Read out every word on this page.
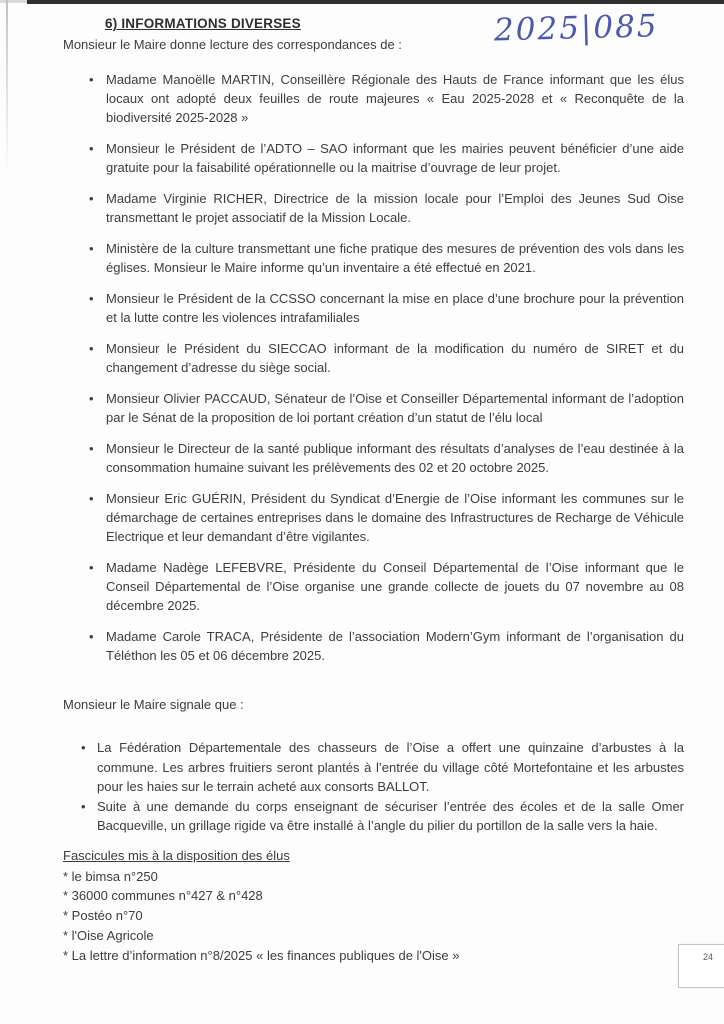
2025|085
6) INFORMATIONS DIVERSES

Monsieur le Maire donne lecture des correspondances de :

• Madame Manoëlle MARTIN, Conseillère Régionale des Hauts de France informant que les élus locaux ont adopté deux feuilles de route majeures « Eau 2025-2028 et « Reconquête de la biodiversité 2025-2028 »
• Monsieur le Président de l’ADTO – SAO informant que les mairies peuvent bénéficier d’une aide gratuite pour la faisabilité opérationnelle ou la maitrise d’ouvrage de leur projet.
• Madame Virginie RICHER, Directrice de la mission locale pour l’Emploi des Jeunes Sud Oise transmettant le projet associatif de la Mission Locale.
• Ministère de la culture transmettant une fiche pratique des mesures de prévention des vols dans les églises. Monsieur le Maire informe qu’un inventaire a été effectué en 2021.
• Monsieur le Président de la CCSSO concernant la mise en place d’une brochure pour la prévention et la lutte contre les violences intrafamiliales
• Monsieur le Président du SIECCAO informant de la modification du numéro de SIRET et du changement d’adresse du siège social.
• Monsieur Olivier PACCAUD, Sénateur de l’Oise et Conseiller Départemental informant de l’adoption par le Sénat de la proposition de loi portant création d’un statut de l’élu local
• Monsieur le Directeur de la santé publique informant des résultats d’analyses de l’eau destinée à la consommation humaine suivant les prélèvements des 02 et 20 octobre 2025.
• Monsieur Eric GUÉRIN, Président du Syndicat d’Energie de l’Oise informant les communes sur le démarchage de certaines entreprises dans le domaine des Infrastructures de Recharge de Véhicule Electrique et leur demandant d’être vigilantes.
• Madame Nadège LEFEBVRE, Présidente du Conseil Départemental de l’Oise informant que le Conseil Départemental de l’Oise organise une grande collecte de jouets du 07 novembre au 08 décembre 2025.
• Madame Carole TRACA, Présidente de l’association Modern’Gym informant de l’organisation du Téléthon les 05 et 06 décembre 2025.

Monsieur le Maire signale que :

• La Fédération Départementale des chasseurs de l’Oise a offert une quinzaine d’arbustes à la commune. Les arbres fruitiers seront plantés à l’entrée du village côté Mortefontaine et les arbustes pour les haies sur le terrain acheté aux consorts BALLOT.
• Suite à une demande du corps enseignant de sécuriser l’entrée des écoles et de la salle Omer Bacqueville, un grillage rigide va être installé à l’angle du pilier du portillon de la salle vers la haie.

Fascicules mis à la disposition des élus

* le bimsa n°250
* 36000 communes n°427 & n°428
* Postéo n°70
* l'Oise Agricole
* La lettre d’information n°8/2025 « les finances publiques de l'Oise »	24
